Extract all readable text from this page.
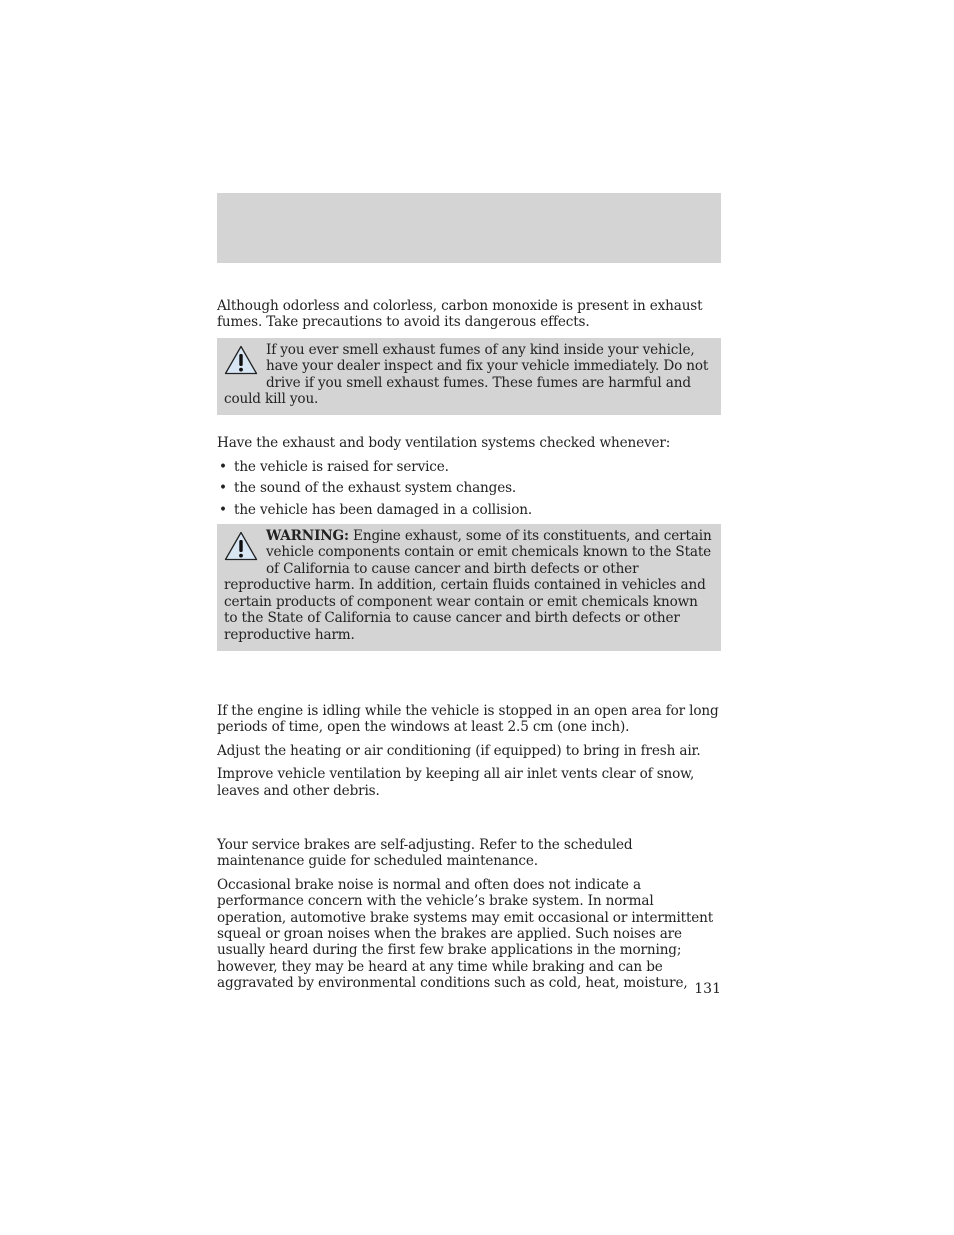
Although odorless and colorless, carbon monoxide is present in exhaust fumes. Take precautions to avoid its dangerous effects.

If you ever smell exhaust fumes of any kind inside your vehicle, have your dealer inspect and fix your vehicle immediately. Do not drive if you smell exhaust fumes. These fumes are harmful and could kill you.

Have the exhaust and body ventilation systems checked whenever:

• the vehicle is raised for service.
• the sound of the exhaust system changes.
• the vehicle has been damaged in a collision.
WARNING: Engine exhaust, some of its constituents, and certain vehicle components contain or emit chemicals known to the State of California to cause cancer and birth defects or other reproductive harm. In addition, certain fluids contained in vehicles and certain products of component wear contain or emit chemicals known to the State of California to cause cancer and birth defects or other reproductive harm.

If the engine is idling while the vehicle is stopped in an open area for long periods of time, open the windows at least 2.5 cm (one inch).

Adjust the heating or air conditioning (if equipped) to bring in fresh air.

Improve vehicle ventilation by keeping all air inlet vents clear of snow, leaves and other debris.

Your service brakes are self-adjusting. Refer to the scheduled maintenance guide for scheduled maintenance.

Occasional brake noise is normal and often does not indicate a performance concern with the vehicle’s brake system. In normal operation, automotive brake systems may emit occasional or intermittent squeal or groan noises when the brakes are applied. Such noises are usually heard during the first few brake applications in the morning; however, they may be heard at any time while braking and can be aggravated by environmental conditions such as cold, heat, moisture, 131
